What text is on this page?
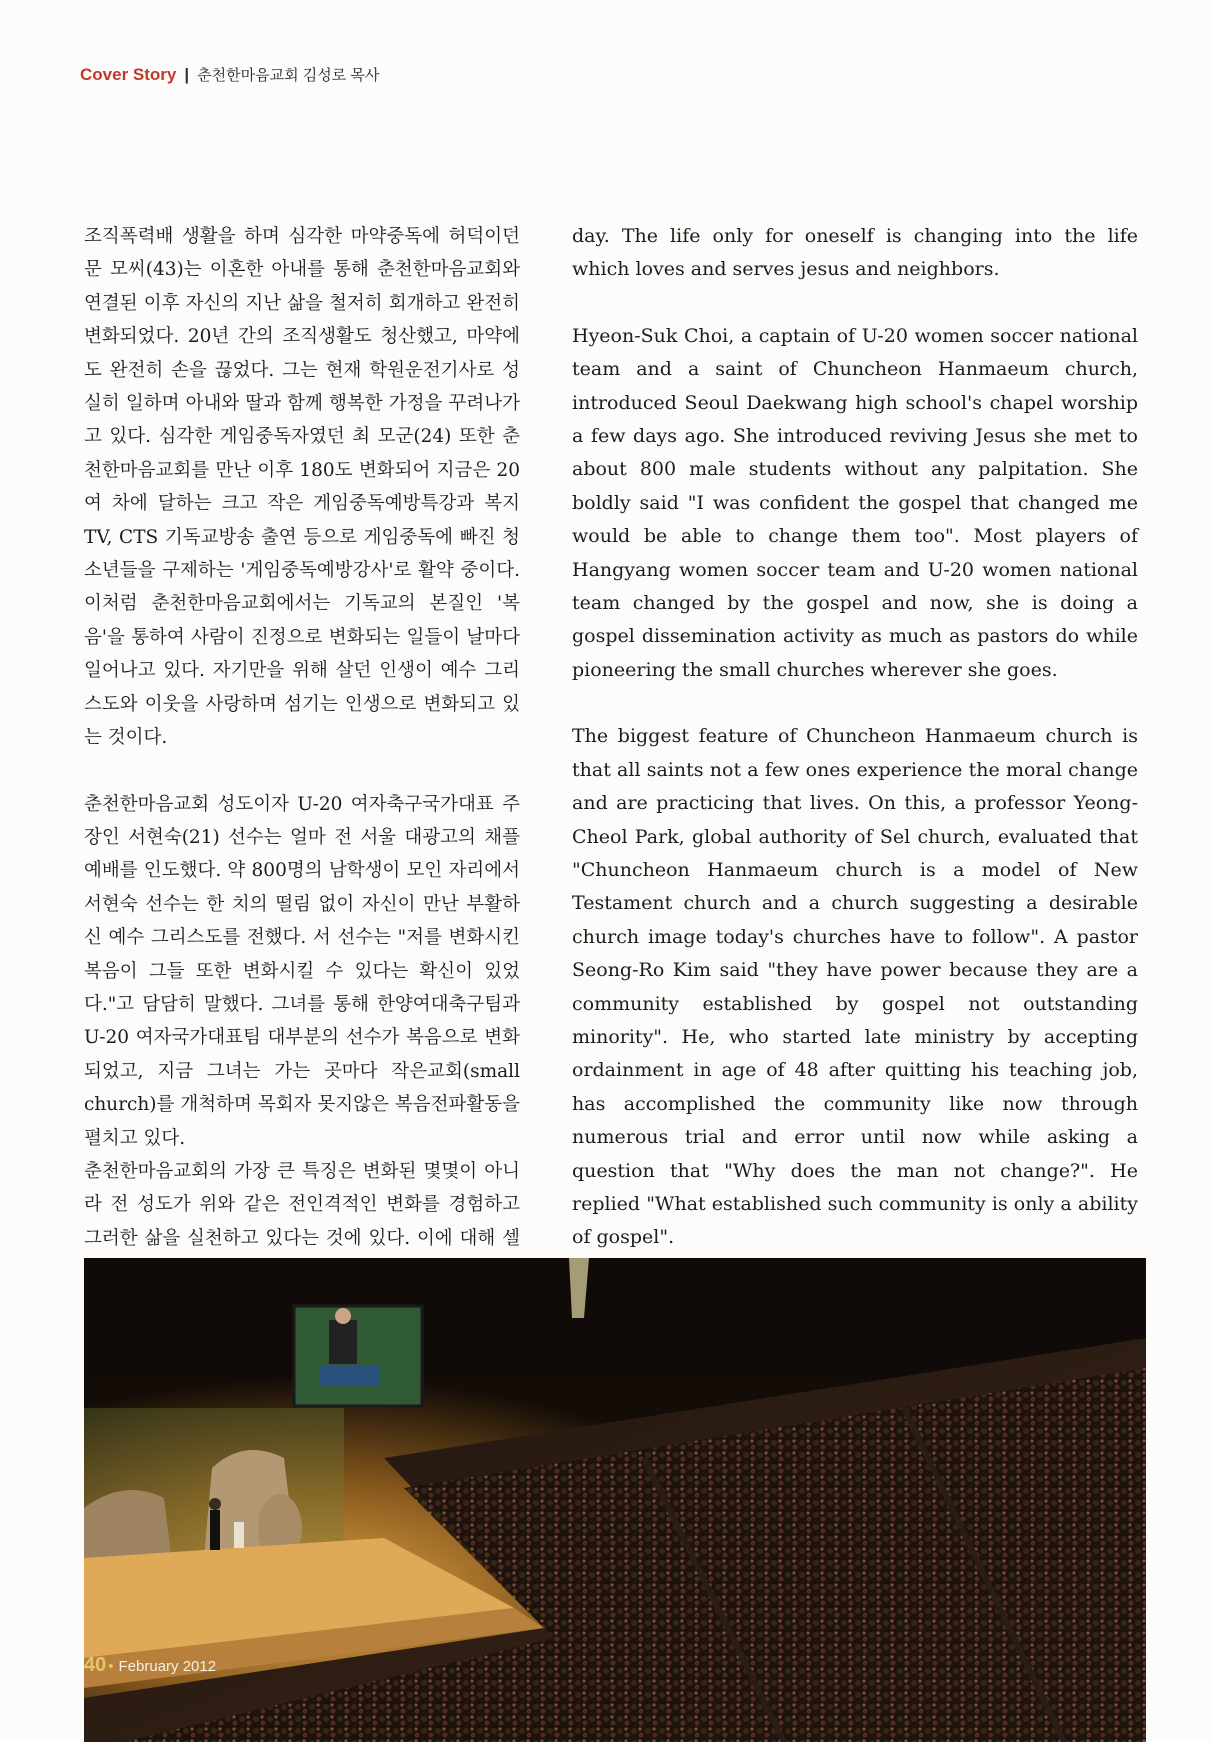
Cover Story | 춘천한마음교회 김성로 목사

조직폭력배 생활을 하며 심각한 마약중독에 허덕이던 문 모씨(43)는 이혼한 아내를 통해 춘천한마음교회와 연결된 이후 자신의 지난 삶을 철저히 회개하고 완전히 변화되었다. 20년 간의 조직생활도 청산했고, 마약에도 완전히 손을 끊었다. 그는 현재 학원운전기사로 성실히 일하며 아내와 딸과 함께 행복한 가정을 꾸려나가고 있다. 심각한 게임중독자였던 최 모군(24) 또한 춘천한마음교회를 만난 이후 180도 변화되어 지금은 20여 차에 달하는 크고 작은 게임중독예방특강과 복지TV, CTS 기독교방송 출연 등으로 게임중독에 빠진 청소년들을 구제하는 '게임중독예방강사'로 활약 중이다. 이처럼 춘천한마음교회에서는 기독교의 본질인 '복음'을 통하여 사람이 진정으로 변화되는 일들이 날마다 일어나고 있다. 자기만을 위해 살던 인생이 예수 그리스도와 이웃을 사랑하며 섬기는 인생으로 변화되고 있는 것이다.

춘천한마음교회 성도이자 U-20 여자축구국가대표 주장인 서현숙(21) 선수는 얼마 전 서울 대광고의 채플예배를 인도했다. 약 800명의 남학생이 모인 자리에서 서현숙 선수는 한 치의 떨림 없이 자신이 만난 부활하신 예수 그리스도를 전했다. 서 선수는 "저를 변화시킨 복음이 그들 또한 변화시킬 수 있다는 확신이 있었다."고 담담히 말했다. 그녀를 통해 한양여대축구팀과 U-20 여자국가대표팀 대부분의 선수가 복음으로 변화되었고, 지금 그녀는 가는 곳마다 작은교회(small church)를 개척하며 목회자 못지않은 복음전파활동을 펼치고 있다.

춘천한마음교회의 가장 큰 특징은 변화된 몇몇이 아니라 전 성도가 위와 같은 전인격적인 변화를 경험하고 그러한 삶을 실천하고 있다는 것에 있다. 이에 대해 셀

day. The life only for oneself is changing into the life which loves and serves jesus and neighbors.

Hyeon-Suk Choi, a captain of U-20 women soccer national team and a saint of Chuncheon Hanmaeum church, introduced Seoul Daekwang high school's chapel worship a few days ago. She introduced reviving Jesus she met to about 800 male students without any palpitation. She boldly said "I was confident the gospel that changed me would be able to change them too". Most players of Hangyang women soccer team and U-20 women national team changed by the gospel and now, she is doing a gospel dissemination activity as much as pastors do while pioneering the small churches wherever she goes.

The biggest feature of Chuncheon Hanmaeum church is that all saints not a few ones experience the moral change and are practicing that lives. On this, a professor Yeong-Cheol Park, global authority of Sel church, evaluated that "Chuncheon Hanmaeum church is a model of New Testament church and a church suggesting a desirable church image today's churches have to follow". A pastor Seong-Ro Kim said "they have power because they are a community established by gospel not outstanding minority". He, who started late ministry by accepting ordainment in age of 48 after quitting his teaching job, has accomplished the community like now through numerous trial and error until now while asking a question that "Why does the man not change?". He replied "What established such community is only a ability of gospel".

40 • February 2012
